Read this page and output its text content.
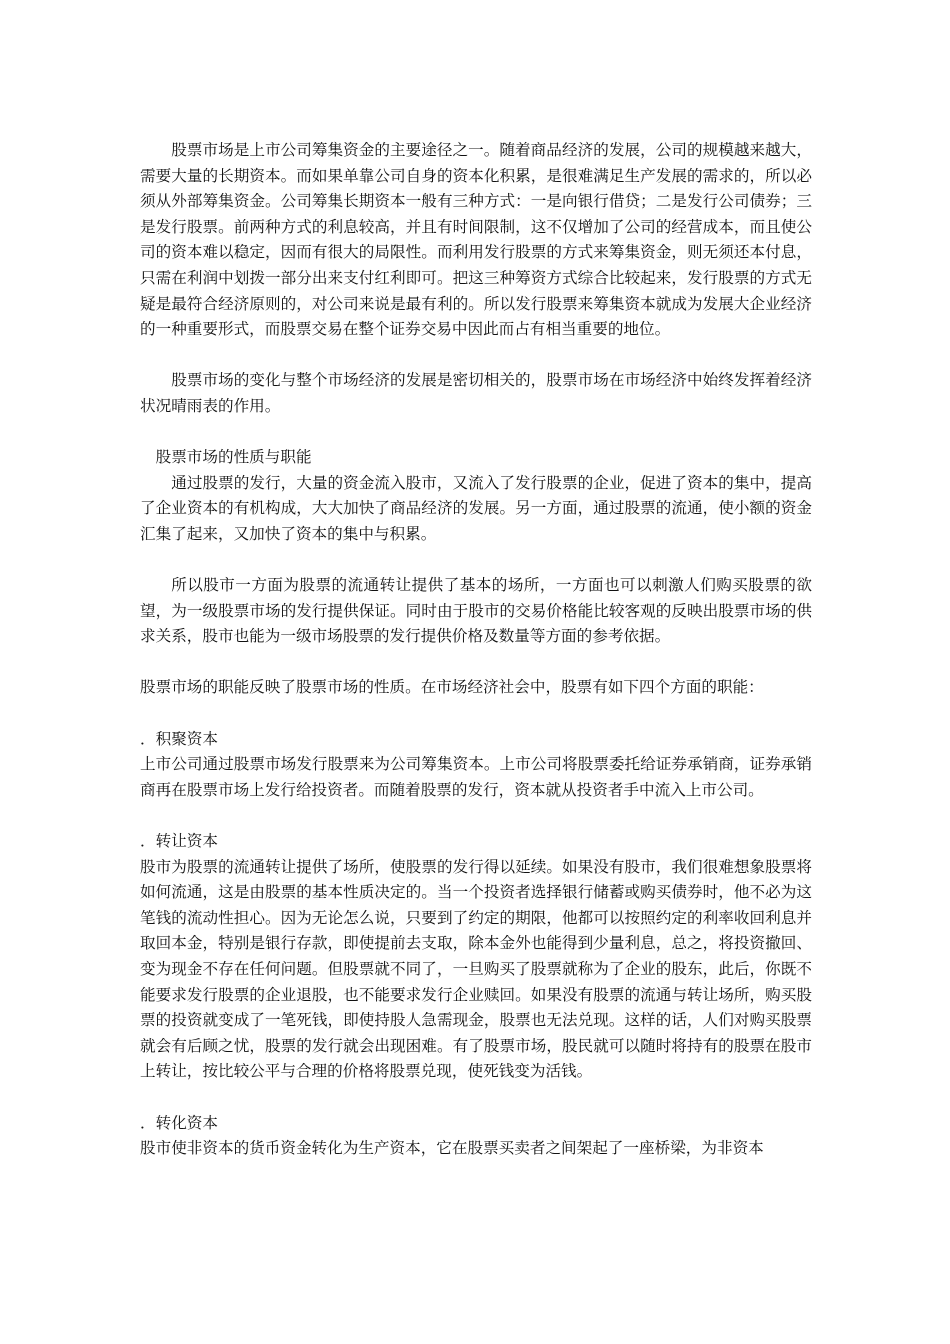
股票市场是上市公司筹集资金的主要途径之一。随着商品经济的发展，公司的规模越来越大，需要大量的长期资本。而如果单靠公司自身的资本化积累，是很难满足生产发展的需求的，所以必须从外部筹集资金。公司筹集长期资本一般有三种方式：一是向银行借贷；二是发行公司债券；三是发行股票。前两种方式的利息较高，并且有时间限制，这不仅增加了公司的经营成本，而且使公司的资本难以稳定，因而有很大的局限性。而利用发行股票的方式来筹集资金，则无须还本付息，只需在利润中划拨一部分出来支付红利即可。把这三种筹资方式综合比较起来，发行股票的方式无疑是最符合经济原则的，对公司来说是最有利的。所以发行股票来筹集资本就成为发展大企业经济的一种重要形式，而股票交易在整个证券交易中因此而占有相当重要的地位。

股票市场的变化与整个市场经济的发展是密切相关的，股票市场在市场经济中始终发挥着经济状况晴雨表的作用。

股票市场的性质与职能

通过股票的发行，大量的资金流入股市，又流入了发行股票的企业，促进了资本的集中，提高了企业资本的有机构成，大大加快了商品经济的发展。另一方面，通过股票的流通，使小额的资金汇集了起来，又加快了资本的集中与积累。

所以股市一方面为股票的流通转让提供了基本的场所，一方面也可以刺激人们购买股票的欲望，为一级股票市场的发行提供保证。同时由于股市的交易价格能比较客观的反映出股票市场的供求关系，股市也能为一级市场股票的发行提供价格及数量等方面的参考依据。

股票市场的职能反映了股票市场的性质。在市场经济社会中，股票有如下四个方面的职能：

．积聚资本

上市公司通过股票市场发行股票来为公司筹集资本。上市公司将股票委托给证券承销商，证券承销商再在股票市场上发行给投资者。而随着股票的发行，资本就从投资者手中流入上市公司。

．转让资本

股市为股票的流通转让提供了场所，使股票的发行得以延续。如果没有股市，我们很难想象股票将如何流通，这是由股票的基本性质决定的。当一个投资者选择银行储蓄或购买债券时，他不必为这笔钱的流动性担心。因为无论怎么说，只要到了约定的期限，他都可以按照约定的利率收回利息并取回本金，特别是银行存款，即使提前去支取，除本金外也能得到少量利息，总之，将投资撤回、变为现金不存在任何问题。但股票就不同了，一旦购买了股票就称为了企业的股东，此后，你既不能要求发行股票的企业退股，也不能要求发行企业赎回。如果没有股票的流通与转让场所，购买股票的投资就变成了一笔死钱，即使持股人急需现金，股票也无法兑现。这样的话，人们对购买股票就会有后顾之忧，股票的发行就会出现困难。有了股票市场，股民就可以随时将持有的股票在股市上转让，按比较公平与合理的价格将股票兑现，使死钱变为活钱。

．转化资本

股市使非资本的货币资金转化为生产资本，它在股票买卖者之间架起了一座桥梁，为非资本
